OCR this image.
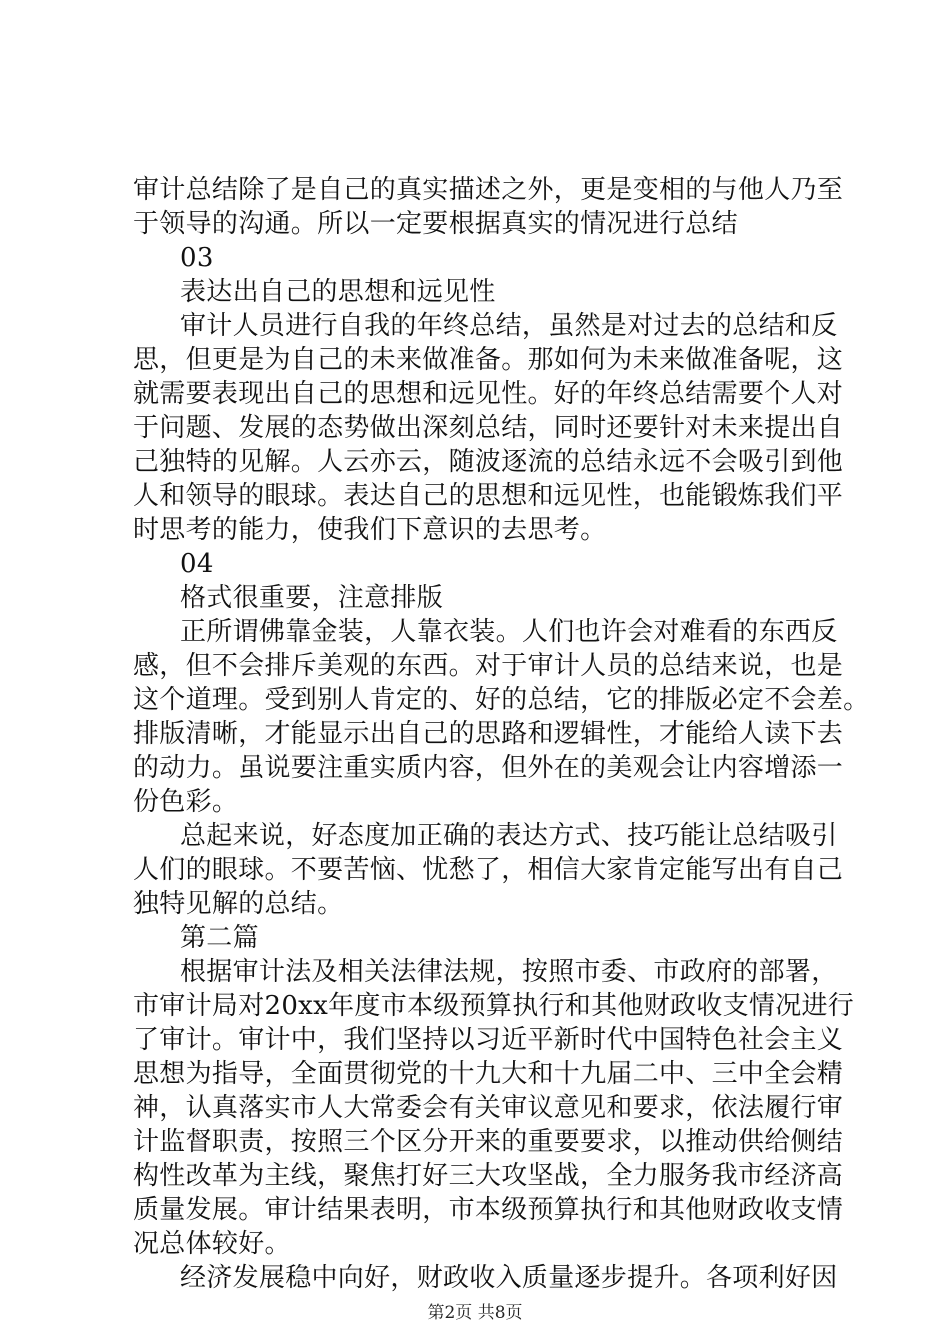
审计总结除了是自己的真实描述之外，更是变相的与他人乃至
于领导的沟通。所以一定要根据真实的情况进行总结
03
表达出自己的思想和远见性
审计人员进行自我的年终总结，虽然是对过去的总结和反
思，但更是为自己的未来做准备。那如何为未来做准备呢，这
就需要表现出自己的思想和远见性。好的年终总结需要个人对
于问题、发展的态势做出深刻总结，同时还要针对未来提出自
己独特的见解。人云亦云，随波逐流的总结永远不会吸引到他
人和领导的眼球。表达自己的思想和远见性，也能锻炼我们平
时思考的能力，使我们下意识的去思考。
04
格式很重要，注意排版
正所谓佛靠金装，人靠衣装。人们也许会对难看的东西反
感，但不会排斥美观的东西。对于审计人员的总结来说，也是
这个道理。受到别人肯定的、好的总结，它的排版必定不会差。
排版清晰，才能显示出自己的思路和逻辑性，才能给人读下去
的动力。虽说要注重实质内容，但外在的美观会让内容增添一
份色彩。
总起来说，好态度加正确的表达方式、技巧能让总结吸引
人们的眼球。不要苦恼、忧愁了，相信大家肯定能写出有自己
独特见解的总结。
第二篇
根据审计法及相关法律法规，按照市委、市政府的部署，
市审计局对20xx年度市本级预算执行和其他财政收支情况进行
了审计。审计中，我们坚持以习近平新时代中国特色社会主义
思想为指导，全面贯彻党的十九大和十九届二中、三中全会精
神，认真落实市人大常委会有关审议意见和要求，依法履行审
计监督职责，按照三个区分开来的重要要求，以推动供给侧结
构性改革为主线，聚焦打好三大攻坚战，全力服务我市经济高
质量发展。审计结果表明，市本级预算执行和其他财政收支情
况总体较好。
经济发展稳中向好，财政收入质量逐步提升。各项利好因
第2页 共8页
